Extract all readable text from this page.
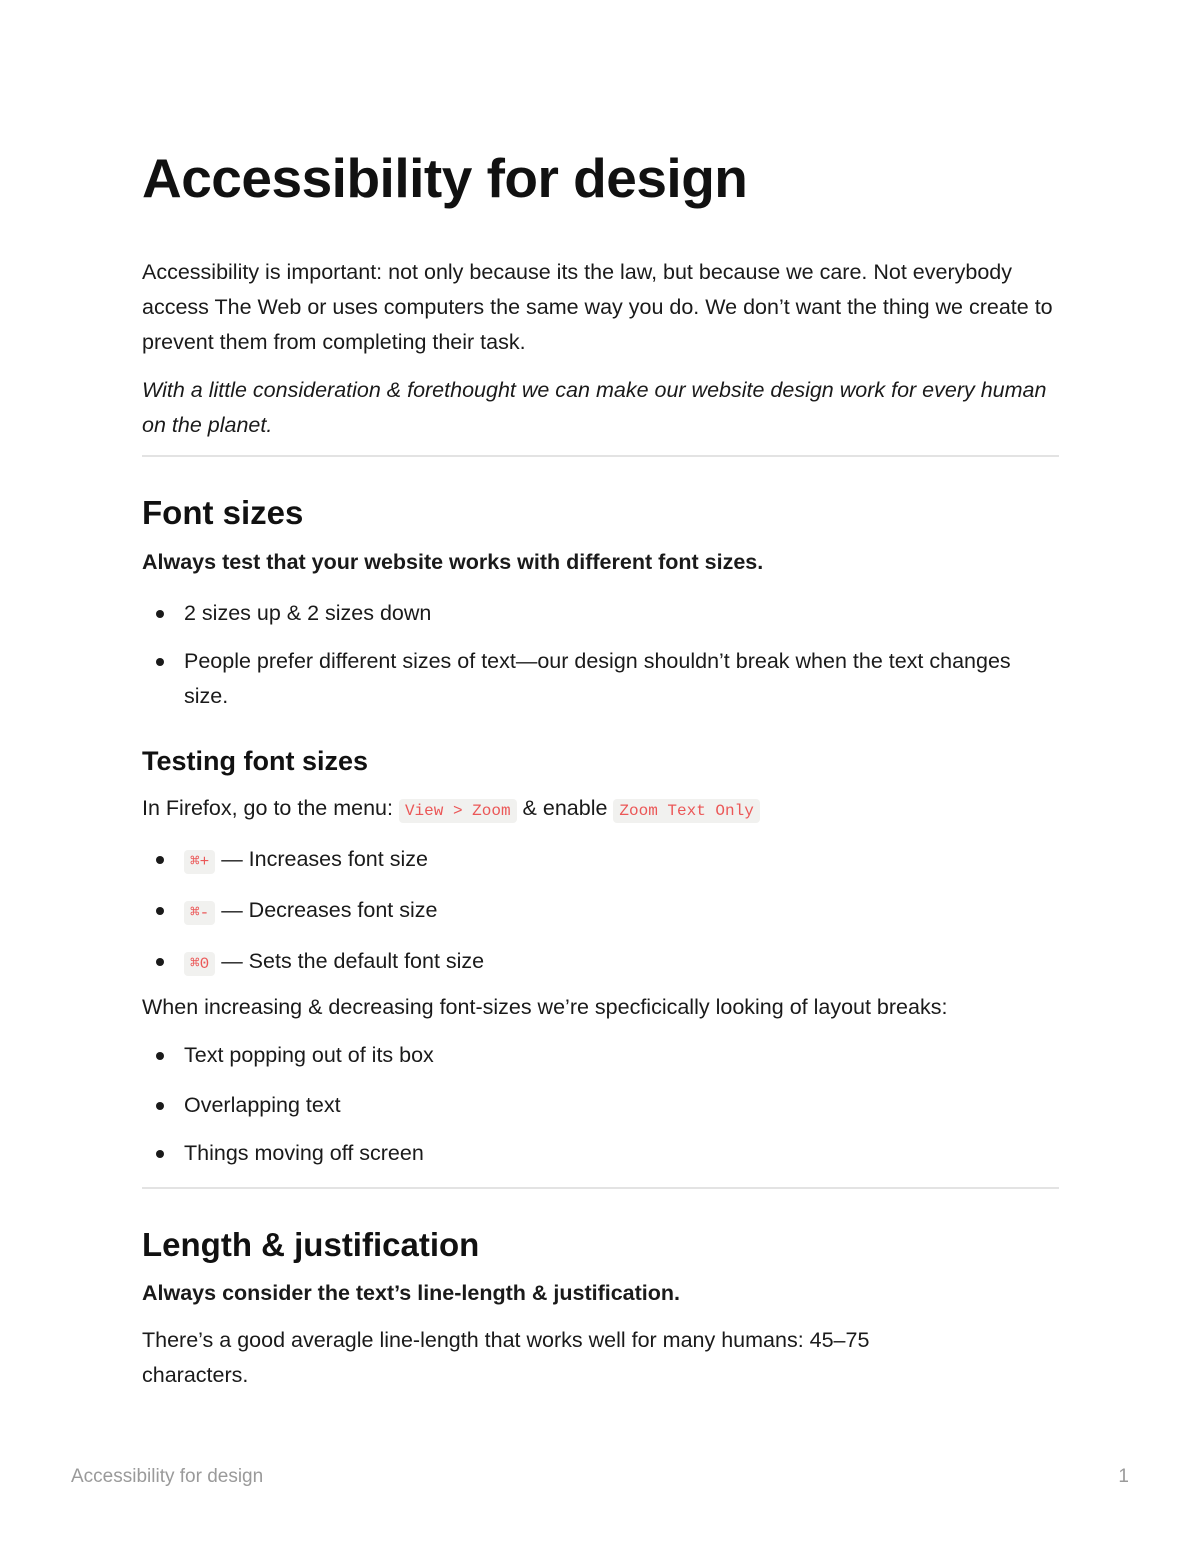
Accessibility for design

Accessibility is important: not only because its the law, but because we care. Not everybody access The Web or uses computers the same way you do. We don’t want the thing we create to prevent them from completing their task.

With a little consideration & forethought we can make our website design work for every human on the planet.

Font sizes

Always test that your website works with different font sizes.

2 sizes up & 2 sizes down
People prefer different sizes of text—our design shouldn’t break when the text changes size.
Testing font sizes

In Firefox, go to the menu: View > Zoom & enable Zoom Text Only

⌘+ — Increases font size
⌘- — Decreases font size
⌘0 — Sets the default font size

When increasing & decreasing font-sizes we’re specficically looking of layout breaks:

Text popping out of its box
Overlapping text
Things moving off screen
Length & justification

Always consider the text’s line-length & justification.

There’s a good averagle line-length that works well for many humans: 45–75 characters.

Accessibility for design	1
